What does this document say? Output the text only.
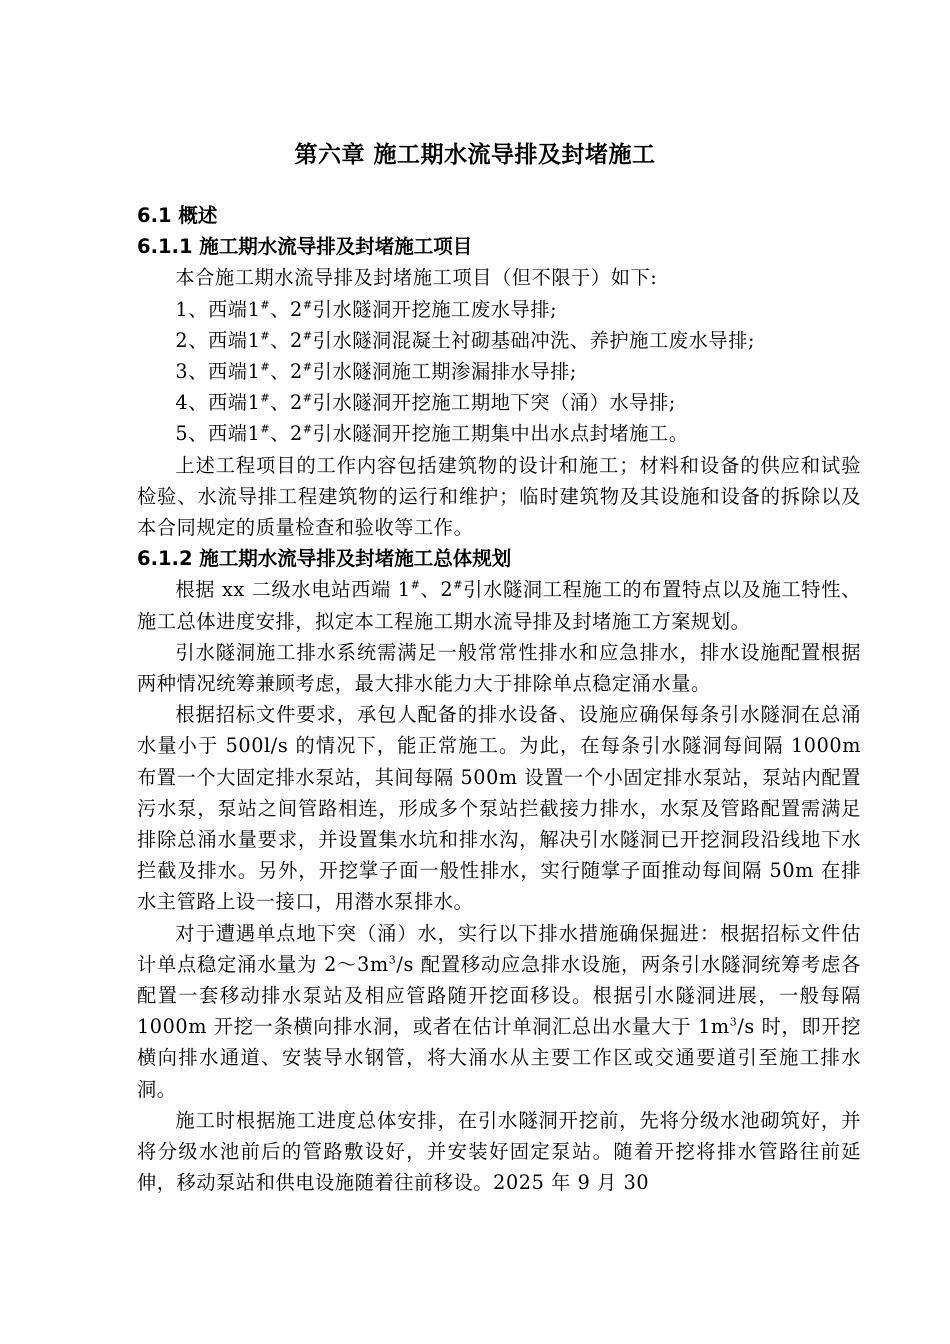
第六章 施工期水流导排及封堵施工
6.1 概述
6.1.1 施工期水流导排及封堵施工项目

本合施工期水流导排及封堵施工项目（但不限于）如下:

1、西端1#、2#引水隧洞开挖施工废水导排;
2、西端1#、2#引水隧洞混凝土衬砌基础冲洗、养护施工废水导排;
3、西端1#、2#引水隧洞施工期渗漏排水导排;
4、西端1#、2#引水隧洞开挖施工期地下突（涌）水导排;
5、西端1#、2#引水隧洞开挖施工期集中出水点封堵施工。

上述工程项目的工作内容包括建筑物的设计和施工；材料和设备的供应和试验检验、水流导排工程建筑物的运行和维护；临时建筑物及其设施和设备的拆除以及本合同规定的质量检查和验收等工作。

6.1.2 施工期水流导排及封堵施工总体规划

根据 xx 二级水电站西端 1#、2#引水隧洞工程施工的布置特点以及施工特性、施工总体进度安排，拟定本工程施工期水流导排及封堵施工方案规划。

引水隧洞施工排水系统需满足一般常常性排水和应急排水，排水设施配置根据两种情况统筹兼顾考虑，最大排水能力大于排除单点稳定涌水量。

根据招标文件要求，承包人配备的排水设备、设施应确保每条引水隧洞在总涌水量小于 500l/s 的情况下，能正常施工。为此，在每条引水隧洞每间隔 1000m 布置一个大固定排水泵站，其间每隔 500m 设置一个小固定排水泵站，泵站内配置污水泵，泵站之间管路相连，形成多个泵站拦截接力排水，水泵及管路配置需满足排除总涌水量要求，并设置集水坑和排水沟，解决引水隧洞已开挖洞段沿线地下水拦截及排水。另外，开挖掌子面一般性排水，实行随掌子面推动每间隔 50m 在排水主管路上设一接口，用潜水泵排水。

对于遭遇单点地下突（涌）水，实行以下排水措施确保掘进：根据招标文件估计单点稳定涌水量为 $2\sim 3m^3/s$ 配置移动应急排水设施，两条引水隧洞统筹考虑各配置一套移动排水泵站及相应管路随开挖面移设。根据引水隧洞进展，一般每隔 1000m 开挖一条横向排水洞，或者在估计单洞汇总出水量大于 $1m^3/s$ 时，即开挖横向排水通道、安装导水钢管，将大涌水从主要工作区或交通要道引至施工排水洞。

施工时根据施工进度总体安排，在引水隧洞开挖前，先将分级水池砌筑好，并将分级水池前后的管路敷设好，并安装好固定泵站。随着开挖将排水管路往前延伸，移动泵站和供电设施随着往前移设。2025 年 9 月 30
